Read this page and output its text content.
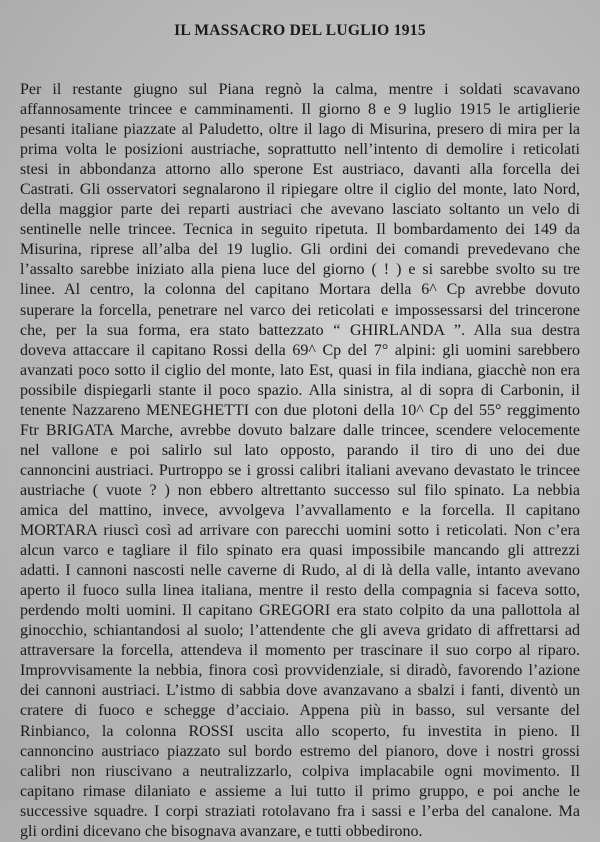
IL MASSACRO DEL LUGLIO 1915
Per il restante giugno sul Piana regnò la calma, mentre i soldati scavavano
affannosamente trincee e camminamenti. Il giorno 8 e 9 luglio 1915 le artiglierie
pesanti italiane piazzate al Paludetto, oltre il lago di Misurina, presero di mira per la
prima volta le posizioni austriache, soprattutto nell’intento di demolire i reticolati
stesi in abbondanza attorno allo sperone Est austriaco, davanti alla forcella dei
Castrati. Gli osservatori segnalarono il ripiegare oltre il ciglio del monte, lato Nord,
della maggior parte dei reparti austriaci che avevano lasciato soltanto un velo di
sentinelle nelle trincee. Tecnica in seguito ripetuta. Il bombardamento dei 149 da
Misurina, riprese all’alba del 19 luglio. Gli ordini dei comandi prevedevano che
l’assalto sarebbe iniziato alla piena luce del giorno ( ! ) e si sarebbe svolto su tre
linee. Al centro, la colonna del capitano Mortara della 6^ Cp avrebbe dovuto
superare la forcella, penetrare nel varco dei reticolati e impossessarsi del trincerone
che, per la sua forma, era stato battezzato “ GHIRLANDA ”. Alla sua destra
doveva attaccare il capitano Rossi della 69^ Cp del 7° alpini: gli uomini sarebbero
avanzati poco sotto il ciglio del monte, lato Est, quasi in fila indiana, giacchè non era
possibile dispiegarli stante il poco spazio. Alla sinistra, al di sopra di Carbonin, il
tenente Nazzareno MENEGHETTI con due plotoni della 10^ Cp del 55° reggimento
Ftr BRIGATA Marche, avrebbe dovuto balzare dalle trincee, scendere velocemente
nel vallone e poi salirlo sul lato opposto, parando il tiro di uno dei due
cannoncini austriaci. Purtroppo se i grossi calibri italiani avevano devastato le trincee
austriache ( vuote ? ) non ebbero altrettanto successo sul filo spinato. La nebbia
amica del mattino, invece, avvolgeva l’avvallamento e la forcella. Il capitano
MORTARA riuscì così ad arrivare con parecchi uomini sotto i reticolati. Non c’era
alcun varco e tagliare il filo spinato era quasi impossibile mancando gli attrezzi
adatti. I cannoni nascosti nelle caverne di Rudo, al di là della valle, intanto avevano
aperto il fuoco sulla linea italiana, mentre il resto della compagnia si faceva sotto,
perdendo molti uomini. Il capitano GREGORI era stato colpito da una pallottola al
ginocchio, schiantandosi al suolo; l’attendente che gli aveva gridato di affrettarsi ad
attraversare la forcella, attendeva il momento per trascinare il suo corpo al riparo.
Improvvisamente la nebbia, finora così provvidenziale, si diradò, favorendo l’azione
dei cannoni austriaci. L’istmo di sabbia dove avanzavano a sbalzi i fanti, diventò un
cratere di fuoco e schegge d’acciaio. Appena più in basso, sul versante del
Rinbianco, la colonna ROSSI uscita allo scoperto, fu investita in pieno. Il
cannoncino austriaco piazzato sul bordo estremo del pianoro, dove i nostri grossi
calibri non riuscivano a neutralizzarlo, colpiva implacabile ogni movimento. Il
capitano rimase dilaniato e assieme a lui tutto il primo gruppo, e poi anche le
successive squadre. I corpi straziati rotolavano fra i sassi e l’erba del canalone. Ma
gli ordini dicevano che bisognava avanzare, e tutti obbedirono.
